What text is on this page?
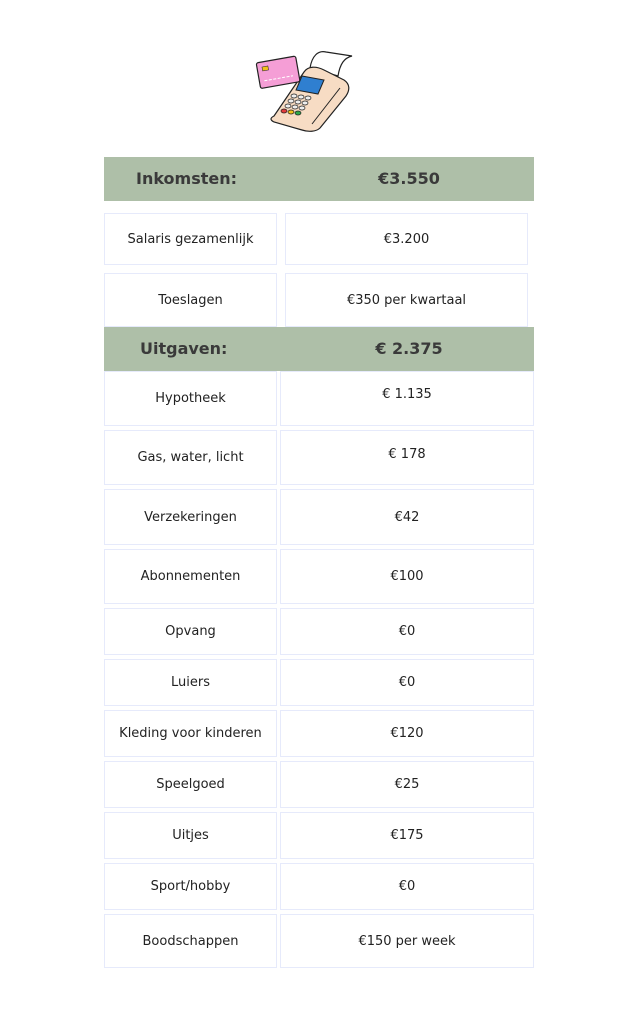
Inkomsten:	€3.550
Salaris gezamenlijk	€3.200
Toeslagen	€350 per kwartaal
Uitgaven:	€ 2.375
Hypotheek	€ 1.135
Gas, water, licht	€ 178
Verzekeringen	€42
Abonnementen	€100
Opvang	€0
Luiers	€0
Kleding voor kinderen	€120
Speelgoed	€25
Uitjes	€175
Sport/hobby	€0
Boodschappen	€150 per week
